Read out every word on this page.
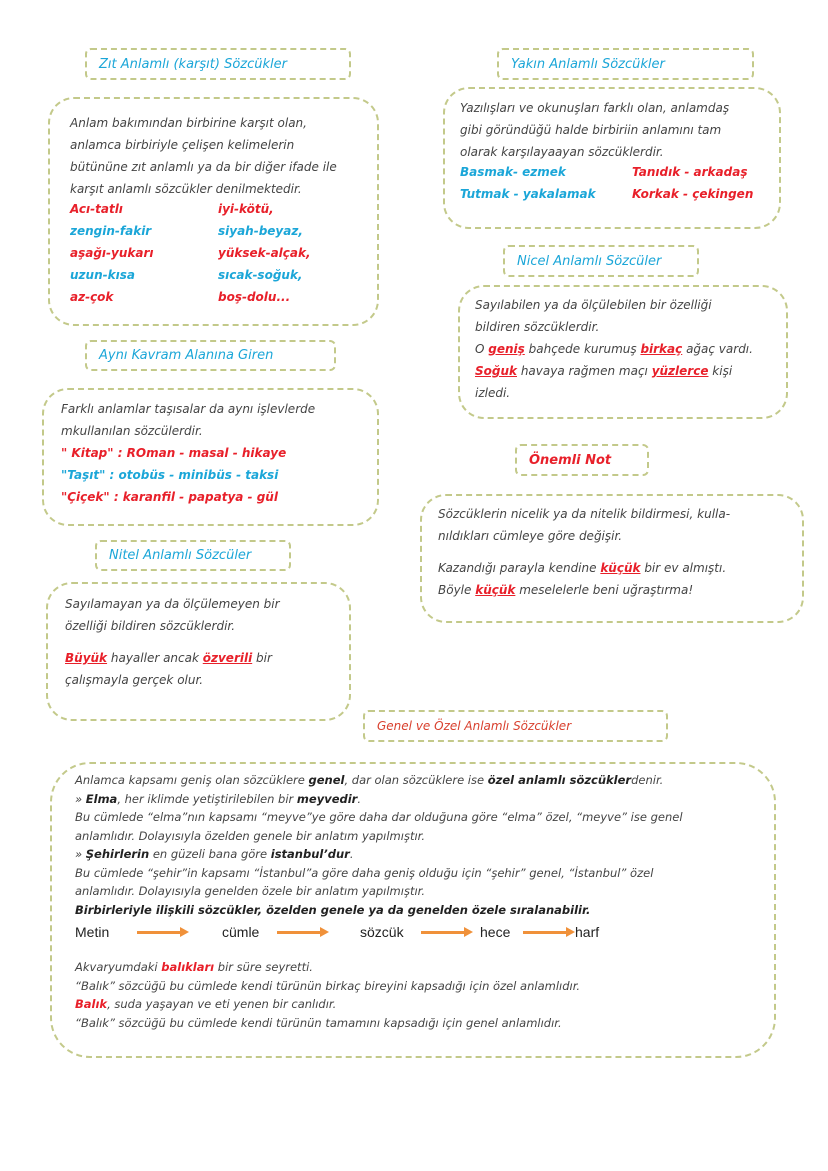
Zıt Anlamlı (karşıt) Sözcükler
Anlam bakımından birbirine karşıt olan,
anlamca birbiriyle çelişen kelimelerin
bütününe zıt anlamlı ya da bir diğer ifade ile
karşıt anlamlı sözcükler denilmektedir.
Acı-tatlı	iyi-kötü,
zengin-fakir	siyah-beyaz,
aşağı-yukarı	yüksek-alçak,
uzun-kısa	sıcak-soğuk,
az-çok	boş-dolu...
Yakın Anlamlı Sözcükler
Yazılışları ve okunuşları farklı olan, anlamdaş
gibi göründüğü halde birbiriin anlamını tam
olarak karşılayaayan sözcüklerdir.
Basmak- ezmek	Tanıdık - arkadaş
Tutmak - yakalamak	Korkak - çekingen
Nicel Anlamlı Sözcüler
Sayılabilen ya da ölçülebilen bir özelliği
bildiren sözcüklerdir.
O geniş bahçede kurumuş birkaç ağaç vardı.
Soğuk havaya rağmen maçı yüzlerce kişi
izledi.
Aynı Kavram Alanına Giren
Farklı anlamlar taşısalar da aynı işlevlerde
mkullanılan sözcülerdir.
" Kitap" : ROman - masal - hikaye
"Taşıt" : otobüs - minibüs - taksi
"Çiçek" : karanfil - papatya - gül
Önemli Not
Sözcüklerin nicelik ya da nitelik bildirmesi, kulla-
nıldıkları cümleye göre değişir.
Kazandığı parayla kendine küçük bir ev almıştı.
Böyle küçük meselelerle beni uğraştırma!
Nitel Anlamlı Sözcüler
Sayılamayan ya da ölçülemeyen bir
özelliği bildiren sözcüklerdir.
Büyük hayaller ancak özverili bir
çalışmayla gerçek olur.
Genel ve Özel Anlamlı Sözcükler
Anlamca kapsamı geniş olan sözcüklere genel, dar olan sözcüklere ise özel anlamlı sözcüklerdenir.
» Elma, her iklimde yetiştirilebilen bir meyvedir.
Bu cümlede “elma”nın kapsamı “meyve”ye göre daha dar olduğuna göre “elma” özel, “meyve” ise genel
anlamlıdır. Dolayısıyla özelden genele bir anlatım yapılmıştır.
» Şehirlerin en güzeli bana göre istanbul’dur.
Bu cümlede “şehir”in kapsamı “İstanbul”a göre daha geniş olduğu için “şehir” genel, “İstanbul” özel
anlamlıdır. Dolayısıyla genelden özele bir anlatım yapılmıştır.
Birbirleriyle ilişkili sözcükler, özelden genele ya da genelden özele sıralanabilir.
Metin	cümle	sözcük	hece	harf
Akvaryumdaki balıkları bir süre seyretti.
“Balık” sözcüğü bu cümlede kendi türünün birkaç bireyini kapsadığı için özel anlamlıdır.
Balık, suda yaşayan ve eti yenen bir canlıdır.
“Balık” sözcüğü bu cümlede kendi türünün tamamını kapsadığı için genel anlamlıdır.
